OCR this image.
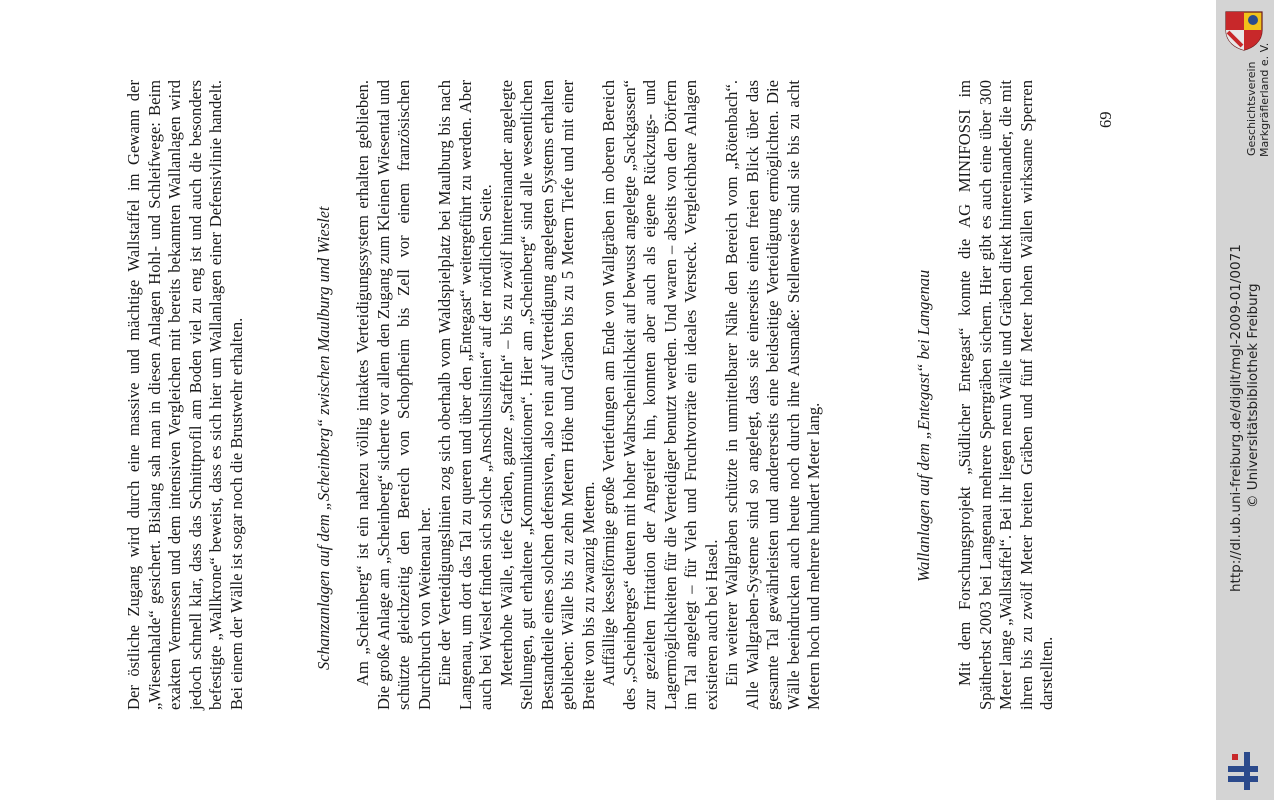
Der östliche Zugang wird durch eine massive und mächtige Wallstaffel im Gewann der „Wiesenhalde“ gesichert. Bislang sah man in diesen Anlagen Hohl- und Schleifwege: Beim exakten Vermessen und dem intensiven Vergleichen mit bereits bekannten Wallanlagen wird jedoch schnell klar, dass das Schnittprofil am Boden viel zu eng ist und auch die besonders befestigte „Wallkrone“ beweist, dass es sich hier um Wallanlagen einer Defensivlinie handelt. Bei einem der Wälle ist sogar noch die Brustwehr erhalten.	Schanzanlagen auf dem „Scheinberg“ zwischen Maulburg und Wieslet Am „Scheinberg“ ist ein nahezu völlig intaktes Verteidigungssystem erhalten geblieben. Die große Anlage am „Scheinberg“ sicherte vor allem den Zugang zum Kleinen Wiesental und schützte gleichzeitig den Bereich von Schopfheim bis Zell vor einem französischen Durchbruch von Weitenau her. Eine der Verteidigungslinien zog sich oberhalb vom Waldspielplatz bei Maulburg bis nach Langenau, um dort das Tal zu queren und über den „Entegast“ weitergeführt zu werden. Aber auch bei Wieslet finden sich solche „Anschlusslinien“ auf der nördlichen Seite. Meterhohe Wälle, tiefe Gräben, ganze „Staffeln“ – bis zu zwölf hintereinander angelegte Stellungen, gut erhaltene „Kommunikationen“. Hier am „Scheinberg“ sind alle wesentlichen Bestandteile eines solchen defensiven, also rein auf Verteidigung angelegten Systems erhalten geblieben: Wälle bis zu zehn Metern Höhe und Gräben bis zu 5 Metern Tiefe und mit einer Breite von bis zu zwanzig Metern. Auffällige kesselförmige große Vertiefungen am Ende von Wallgräben im oberen Bereich des „Scheinberges“ deuten mit hoher Wahrscheinlichkeit auf bewusst angelegte „Sackgassen“ zur gezielten Irritation der Angreifer hin, konnten aber auch als eigene Rückzugs- und Lagermöglichkeiten für die Verteidiger benutzt werden. Und waren – abseits von den Dörfern im Tal angelegt – für Vieh und Fruchtvorräte ein ideales Versteck. Vergleichbare Anlagen existieren auch bei Hasel. Ein weiterer Wallgraben schützte in unmittelbarer Nähe den Bereich vom „Rötenbach“. Alle Wallgraben-Systeme sind so angelegt, dass sie einerseits einen freien Blick über das gesamte Tal gewährleisten und andererseits eine beidseitige Verteidigung ermöglichten. Die Wälle beeindrucken auch heute noch durch ihre Ausmaße: Stellenweise sind sie bis zu acht Metern hoch und mehrere hundert Meter lang.	Wallanlagen auf dem „Entegast“ bei Langenau Mit dem Forschungsprojekt „Südlicher Entegast“ konnte die AG MINIFOSSI im Spätherbst 2003 bei Langenau mehrere Sperrgräben sichern. Hier gibt es auch eine über 300 Meter lange „Wallstaffel“. Bei ihr liegen neun Wälle und Gräben direkt hintereinander, die mit ihren bis zu zwölf Meter breiten Gräben und fünf Meter hohen Wällen wirksame Sperren darstellten.

69	Geschichtsverein Markgräflerland e. V.
http://dl.ub.uni-freiburg.de/diglit/mgl-2009-01/0071 © Universitätsbibliothek Freiburg
